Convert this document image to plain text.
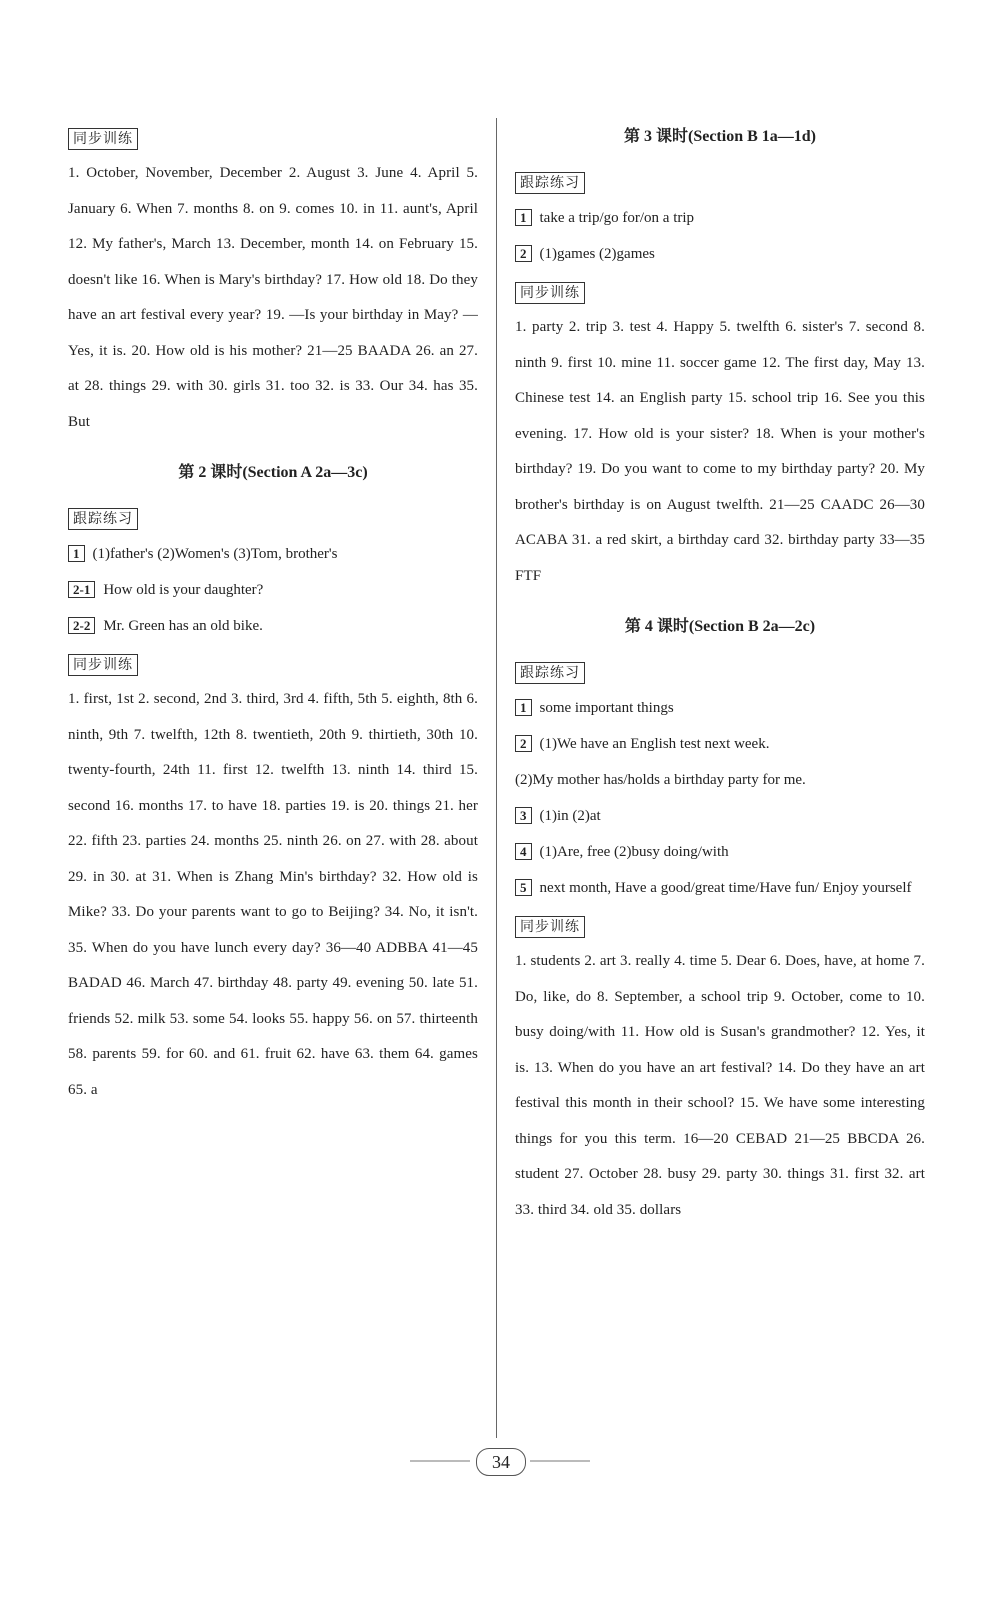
同步训练
1. October, November, December 2. August 3. June 4. April 5. January 6. When 7. months 8. on 9. comes 10. in 11. aunt's, April 12. My father's, March 13. December, month 14. on February 15. doesn't like 16. When is Mary's birthday? 17. How old 18. Do they have an art festival every year? 19. —Is your birthday in May? —Yes, it is. 20. How old is his mother? 21—25 BAADA 26. an 27. at 28. things 29. with 30. girls 31. too 32. is 33. Our 34. has 35. But
第 2 课时(Section A 2a—3c)
跟踪练习
1 (1)father's (2)Women's (3)Tom, brother's
2-1 How old is your daughter?
2-2 Mr. Green has an old bike.
同步训练
1. first, 1st 2. second, 2nd 3. third, 3rd 4. fifth, 5th 5. eighth, 8th 6. ninth, 9th 7. twelfth, 12th 8. twentieth, 20th 9. thirtieth, 30th 10. twenty-fourth, 24th 11. first 12. twelfth 13. ninth 14. third 15. second 16. months 17. to have 18. parties 19. is 20. things 21. her 22. fifth 23. parties 24. months 25. ninth 26. on 27. with 28. about 29. in 30. at 31. When is Zhang Min's birthday? 32. How old is Mike? 33. Do your parents want to go to Beijing? 34. No, it isn't. 35. When do you have lunch every day? 36—40 ADBBA 41—45 BADAD 46. March 47. birthday 48. party 49. evening 50. late 51. friends 52. milk 53. some 54. looks 55. happy 56. on 57. thirteenth 58. parents 59. for 60. and 61. fruit 62. have 63. them 64. games 65. a
第 3 课时(Section B 1a—1d)
跟踪练习
1 take a trip/go for/on a trip
2 (1)games (2)games
同步训练
1. party 2. trip 3. test 4. Happy 5. twelfth 6. sister's 7. second 8. ninth 9. first 10. mine 11. soccer game 12. The first day, May 13. Chinese test 14. an English party 15. school trip 16. See you this evening. 17. How old is your sister? 18. When is your mother's birthday? 19. Do you want to come to my birthday party? 20. My brother's birthday is on August twelfth. 21—25 CAADC 26—30 ACABA 31. a red skirt, a birthday card 32. birthday party 33—35 FTF
第 4 课时(Section B 2a—2c)
跟踪练习
1 some important things
2 (1)We have an English test next week.
(2)My mother has/holds a birthday party for me.
3 (1)in (2)at
4 (1)Are, free (2)busy doing/with
5 next month, Have a good/great time/Have fun/ Enjoy yourself
同步训练
1. students 2. art 3. really 4. time 5. Dear 6. Does, have, at home 7. Do, like, do 8. September, a school trip 9. October, come to 10. busy doing/with 11. How old is Susan's grandmother? 12. Yes, it is. 13. When do you have an art festival? 14. Do they have an art festival this month in their school? 15. We have some interesting things for you this term. 16—20 CEBAD 21—25 BBCDA 26. student 27. October 28. busy 29. party 30. things 31. first 32. art 33. third 34. old 35. dollars
34
